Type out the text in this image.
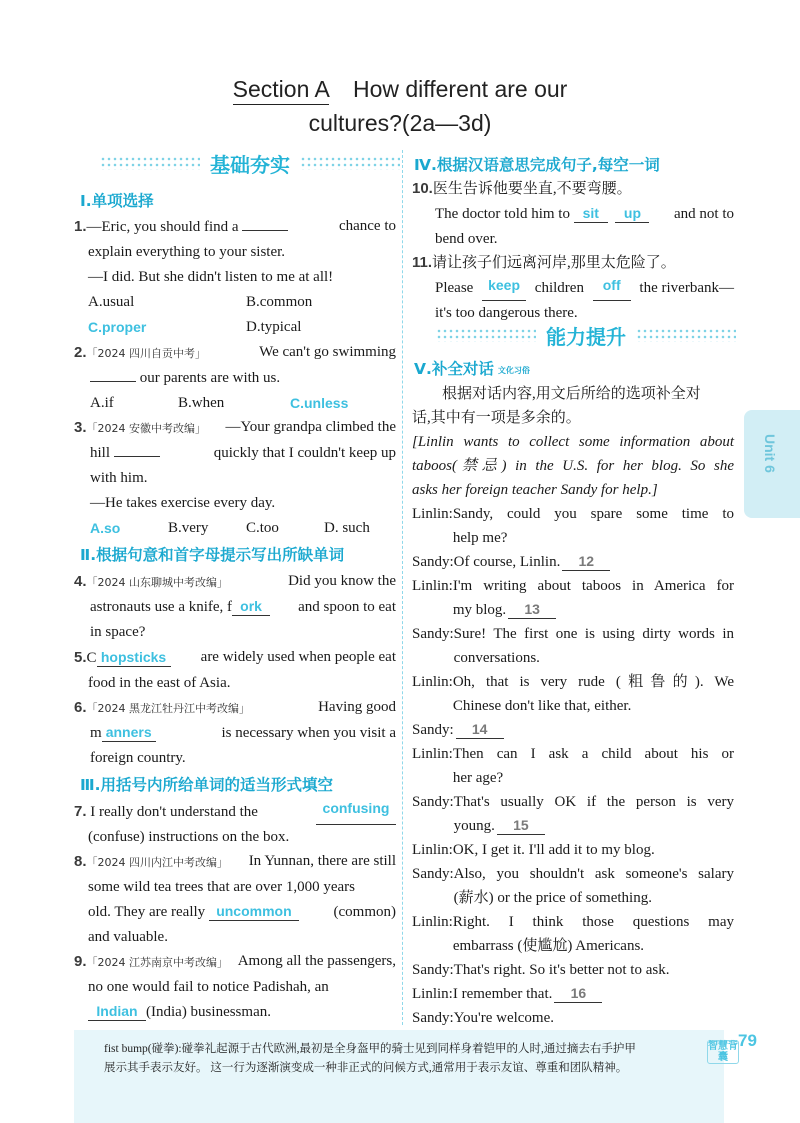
Section A How different are our
cultures?(2a—3d)
基础夯实
Ⅰ.单项选择
1.—Eric, you should find a	chance to
explain everything to your sister.
—I did. But she didn't listen to me at all!
A.usual	B.common
C.proper	D.typical
2.「2024 四川自贡中考」	We can't go swimming
our parents are with us.
A.if	B.when	C.unless
3.「2024 安徽中考改编」 —Your grandpa climbed the
hill	quickly that I couldn't keep up
with him.
—He takes exercise every day.
A.so	B.very	C.too	D. such
Ⅱ.根据句意和首字母提示写出所缺单词
4.「2024 山东聊城中考改编」	Did you know the
astronauts use a knife, f ork	and spoon to eat
in space?
5.C hopsticks are widely used when people eat
food in the east of Asia.
6.「2024 黑龙江牡丹江中考改编」	Having good
m anners	is necessary when you visit a
foreign country.
Ⅲ.用括号内所给单词的适当形式填空
7. I really don't understand the	confusing
(confuse) instructions on the box.
8.「2024 四川内江中考改编」 In Yunnan, there are still
some wild tea trees that are over 1,000 years
old. They are really uncommon	(common)
and valuable.
9.「2024 江苏南京中考改编」 Among all the passengers,
no one would fail to notice Padishah, an
Indian (India) businessman.
Ⅳ.根据汉语意思完成句子,每空一词
10.医生告诉他要坐直,不要弯腰。
The doctor told him to sit up	and not to
bend over.
11.请让孩子们远离河岸,那里太危险了。
Please	keep children	off	the riverbank—
it's too dangerous there.
能力提升
Ⅴ.补全对话 文化习俗
根据对话内容,用文后所给的选项补全对
话,其中有一项是多余的。
[Linlin wants to collect some information about
taboos(禁忌) in the U.S. for her blog. So she
asks her foreign teacher Sandy for help.]
Linlin: Sandy, could you spare some time to
help me?
Sandy: Of course, Linlin. 12
Linlin: I'm writing about taboos in America for
my blog. 13
Sandy: Sure! The first one is using dirty words in
conversations.
Linlin: Oh, that is very rude (粗鲁的). We
Chinese don't like that, either.
Sandy:	14
Linlin: Then can I ask a child about his or
her age?
Sandy: That's usually OK if the person is very
young. 15
Linlin: OK, I get it. I'll add it to my blog.
Sandy: Also, you shouldn't ask someone's salary
(薪水) or the price of something.
Linlin: Right. I think those questions may
embarrass (使尴尬) Americans.
Sandy: That's right. So it's better not to ask.
Linlin: I remember that. 16
Sandy: You're welcome.
Unit 6
fist bump(碰拳):碰拳礼起源于古代欧洲,最初是全身盔甲的骑士见到同样身着铠甲的人时,通过摘去右手护甲
展示其手表示友好。 这一行为逐渐演变成一种非正式的问候方式,通常用于表示友谊、尊重和团队精神。
智慧背囊
79
